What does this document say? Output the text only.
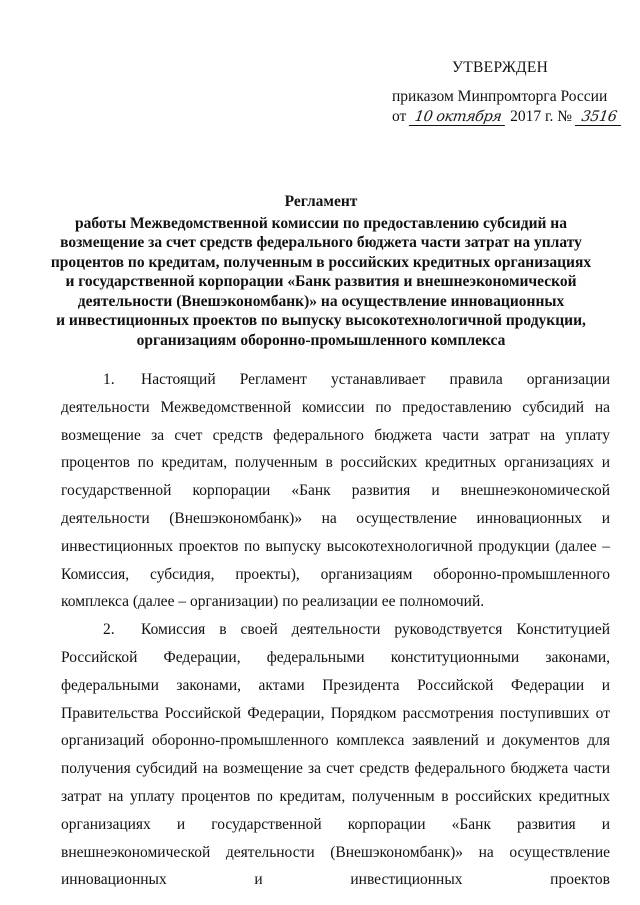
УТВЕРЖДЕН
приказом Минпромторга России
от 10 октября 2017 г. № 3516
Регламент
работы Межведомственной комиссии по предоставлению субсидий на
возмещение за счет средств федерального бюджета части затрат на уплату
процентов по кредитам, полученным в российских кредитных организациях
и государственной корпорации «Банк развития и внешнеэкономической
деятельности (Внешэкономбанк)» на осуществление инновационных
и инвестиционных проектов по выпуску высокотехнологичной продукции,
организациям оборонно-промышленного комплекса

1. Настоящий Регламент устанавливает правила организации деятельности Межведомственной комиссии по предоставлению субсидий на возмещение за счет средств федерального бюджета части затрат на уплату процентов по кредитам, полученным в российских кредитных организациях и государственной корпорации «Банк развития и внешнеэкономической деятельности (Внешэкономбанк)» на осуществление инновационных и инвестиционных проектов по выпуску высокотехнологичной продукции (далее – Комиссия, субсидия, проекты), организациям оборонно-промышленного комплекса (далее – организации) по реализации ее полномочий.

2. Комиссия в своей деятельности руководствуется Конституцией Российской Федерации, федеральными конституционными законами, федеральными законами, актами Президента Российской Федерации и Правительства Российской Федерации, Порядком рассмотрения поступивших от организаций оборонно-промышленного комплекса заявлений и документов для получения субсидий на возмещение за счет средств федерального бюджета части затрат на уплату процентов по кредитам, полученным в российских кредитных организациях и государственной корпорации «Банк развития и внешнеэкономической деятельности (Внешэкономбанк)» на осуществление инновационных и инвестиционных проектов
